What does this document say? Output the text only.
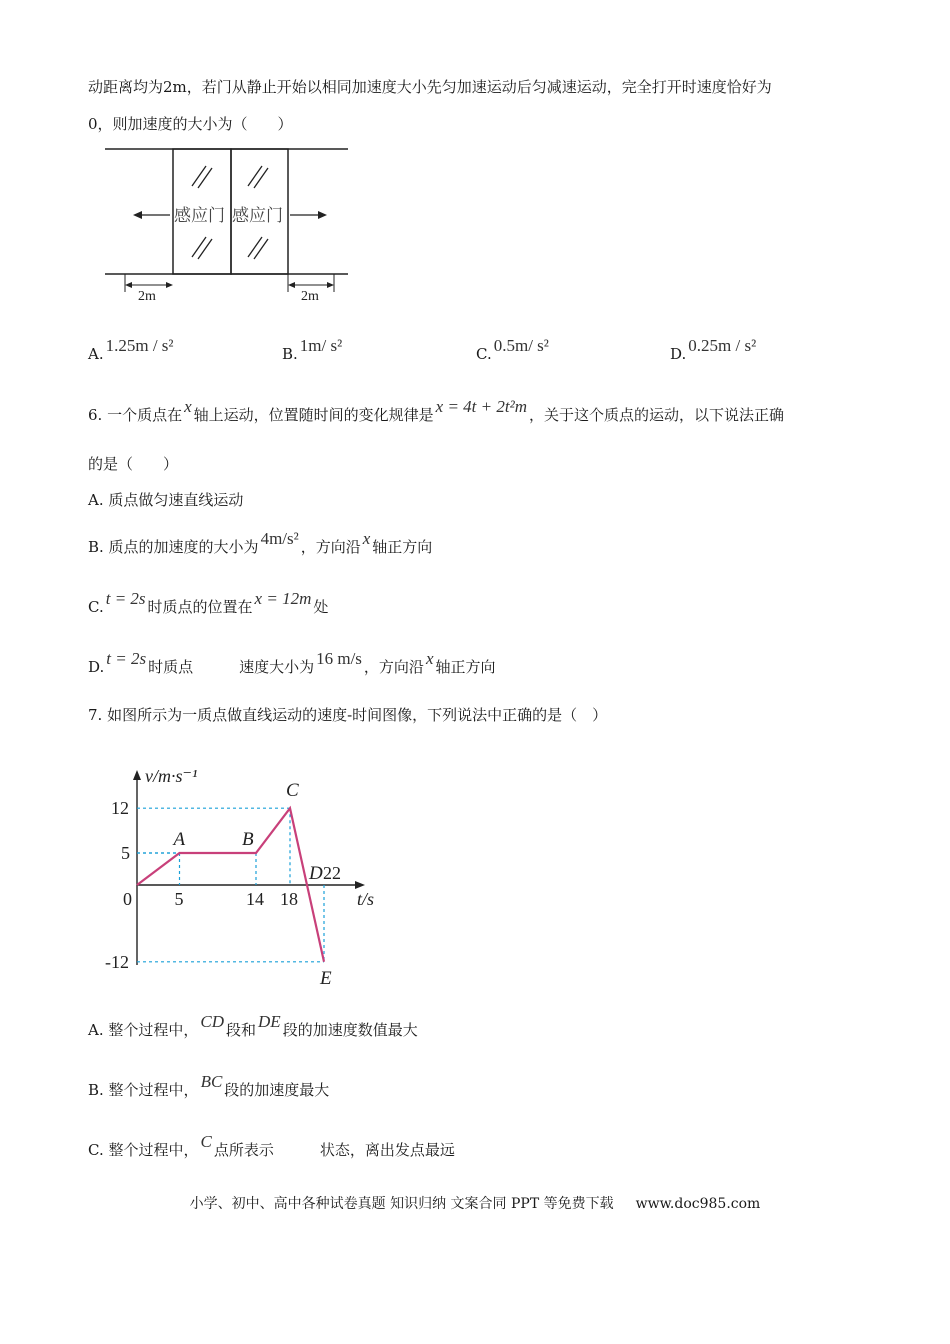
动距离均为2m，若门从静止开始以相同加速度大小先匀加速运动后匀减速运动，完全打开时速度恰好为
0，则加速度的大小为（　　）
感应门 感应门
2m	2m
A. 1.25m / s²	B. 1m/ s²	C. 0.5m/ s²	D. 0.25m / s²
6. 一个质点在 x 轴上运动，位置随时间的变化规律是 x = 4t + 2t²m ，关于这个质点的运动，以下说法正确
的是（　　）
A. 质点做匀速直线运动
B. 质点的加速度的大小为 4m/s² ，方向沿 x 轴正方向
C. t = 2s 时质点的位置在 x = 12m 处
D. t = 2s 时质点	速度大小为 16 m/s ，方向沿 x 轴正方向
7. 如图所示为一质点做直线运动的速度-时间图像，下列说法中正确的是（　）
v/m·s⁻¹
t/s
A	B
C
D
E
0 5	14 18
22
12
5
-12
A. 整个过程中， CD 段和 DE 段的加速度数值最大
B. 整个过程中， BC 段的加速度最大
C. 整个过程中， C 点所表示	状态，离出发点最远
小学、初中、高中各种试卷真题 知识归纳 文案合同 PPT 等免费下载 www.doc985.com
